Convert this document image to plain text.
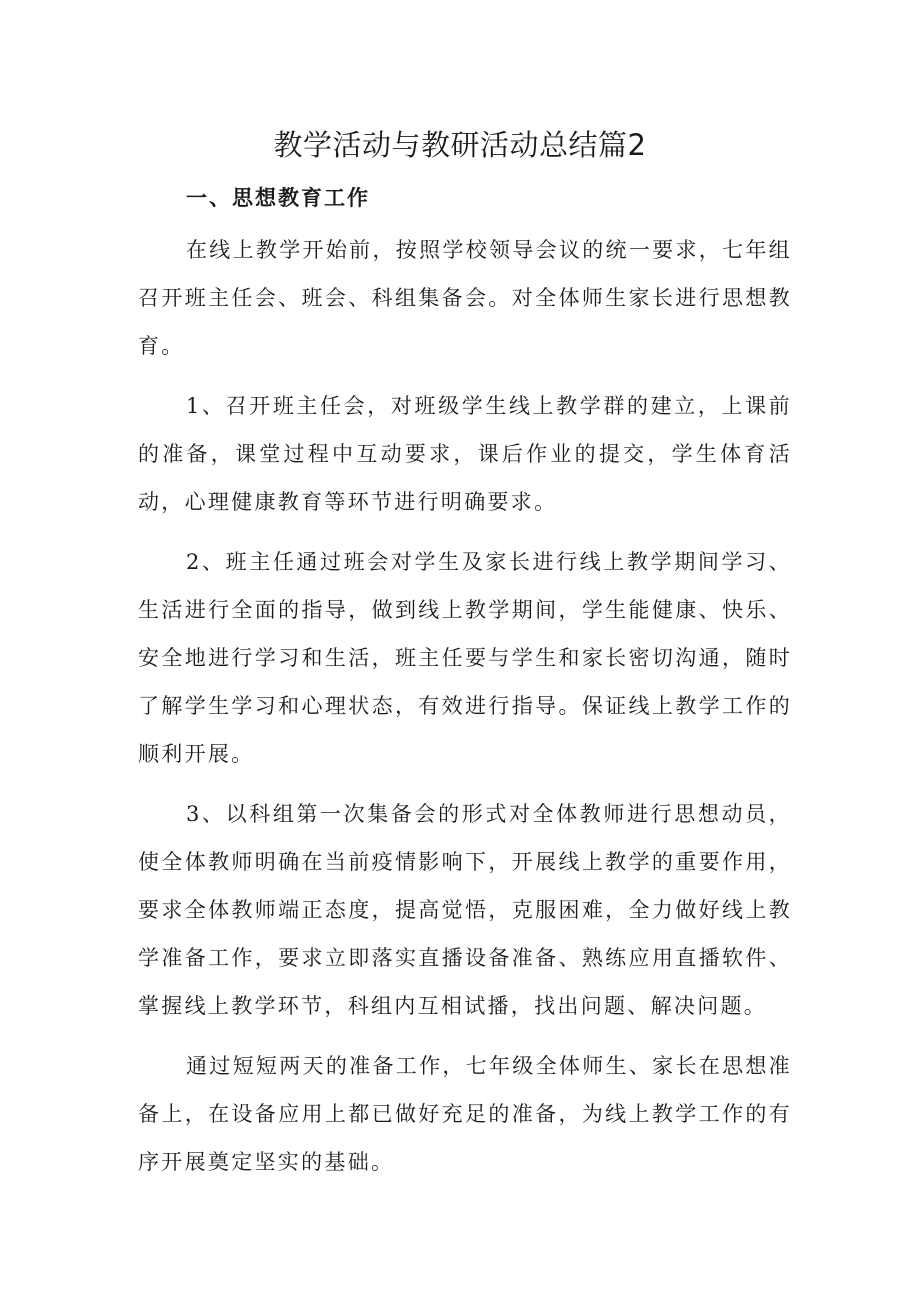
教学活动与教研活动总结篇2
一、思想教育工作

在线上教学开始前，按照学校领导会议的统一要求，七年组召开班主任会、班会、科组集备会。对全体师生家长进行思想教育。

1、召开班主任会，对班级学生线上教学群的建立，上课前的准备，课堂过程中互动要求，课后作业的提交，学生体育活动，心理健康教育等环节进行明确要求。

2、班主任通过班会对学生及家长进行线上教学期间学习、生活进行全面的指导，做到线上教学期间，学生能健康、快乐、安全地进行学习和生活，班主任要与学生和家长密切沟通，随时了解学生学习和心理状态，有效进行指导。保证线上教学工作的顺利开展。

3、以科组第一次集备会的形式对全体教师进行思想动员，使全体教师明确在当前疫情影响下，开展线上教学的重要作用，要求全体教师端正态度，提高觉悟，克服困难，全力做好线上教学准备工作，要求立即落实直播设备准备、熟练应用直播软件、掌握线上教学环节，科组内互相试播，找出问题、解决问题。

通过短短两天的准备工作，七年级全体师生、家长在思想准备上，在设备应用上都已做好充足的准备，为线上教学工作的有序开展奠定坚实的基础。
